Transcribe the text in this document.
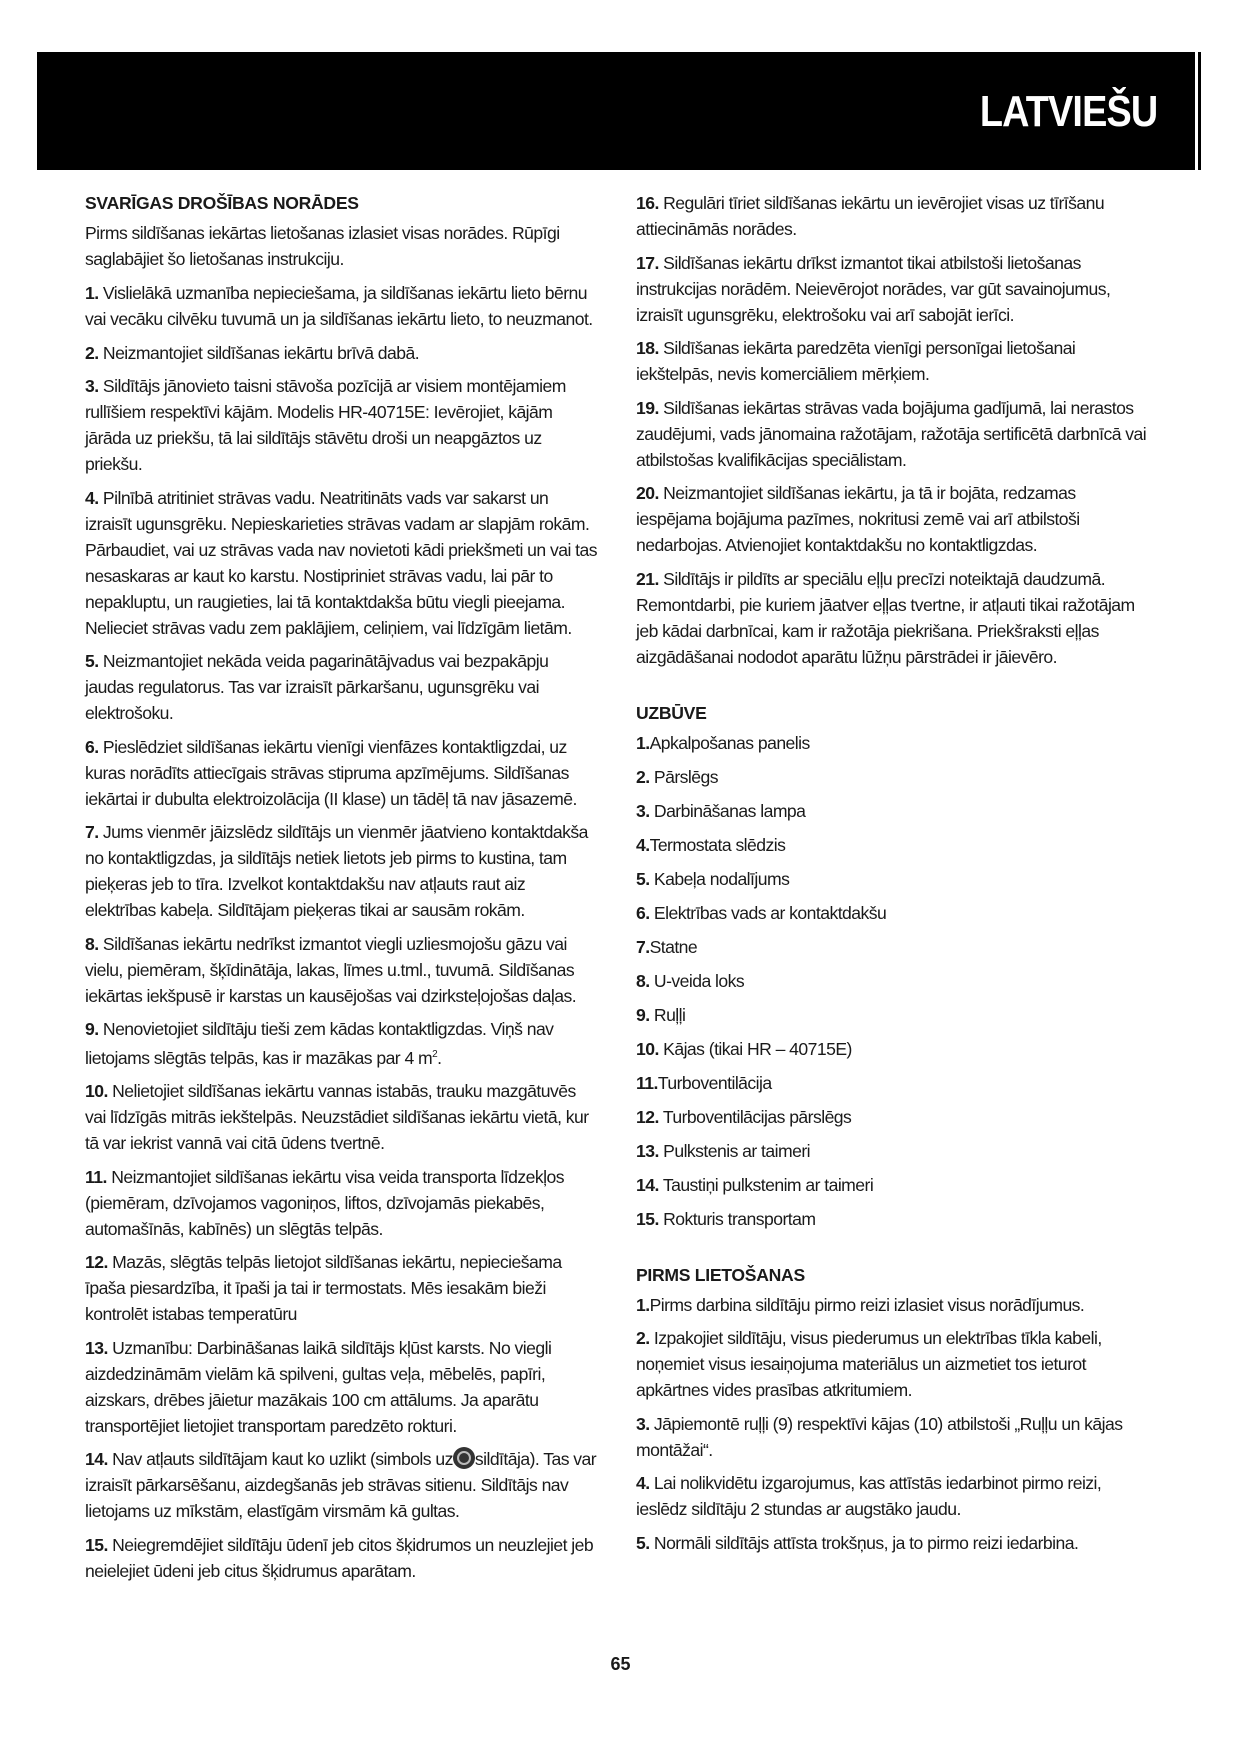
LATVIEŠU
SVARĪGAS DROŠĪBAS NORĀDES
Pirms sildīšanas iekārtas lietošanas izlasiet visas norādes. Rūpīgi saglabājiet šo lietošanas instrukciju.
1. Vislielākā uzmanība nepieciešama, ja sildīšanas iekārtu lieto bērnu vai vecāku cilvēku tuvumā un ja sildīšanas iekārtu lieto, to neuzmanot.
2. Neizmantojiet sildīšanas iekārtu brīvā dabā.
3. Sildītājs jānovieto taisni stāvoša pozīcijā ar visiem montējamiem rullīšiem respektīvi kājām. Modelis HR-40715E: Ievērojiet, kājām jārāda uz priekšu, tā lai sildītājs stāvētu droši un neapgāztos uz priekšu.
4. Pilnībā atritiniet strāvas vadu. Neatritināts vads var sakarst un izraisīt ugunsgrēku. Nepieskarieties strāvas vadam ar slapjām rokām. Pārbaudiet, vai uz strāvas vada nav novietoti kādi priekšmeti un vai tas nesaskaras ar kaut ko karstu. Nostipriniet strāvas vadu, lai pār to nepakluptu, un raugieties, lai tā kontaktdakša būtu viegli pieejama. Nelieciet strāvas vadu zem paklājiem, celiņiem, vai līdzīgām lietām.
5. Neizmantojiet nekāda veida pagarinātājvadus vai bezpakāpju jaudas regulatorus. Tas var izraisīt pārkaršanu, ugunsgrēku vai elektrošoku.
6. Pieslēdziet sildīšanas iekārtu vienīgi vienfāzes kontaktligzdai, uz kuras norādīts attiecīgais strāvas stipruma apzīmējums. Sildīšanas iekārtai ir dubulta elektroizolācija (II klase) un tādēļ tā nav jāsazemē.
7. Jums vienmēr jāizslēdz sildītājs un vienmēr jāatvieno kontaktdakša no kontaktligzdas, ja sildītājs netiek lietots jeb pirms to kustina, tam pieķeras jeb to tīra. Izvelkot kontaktdakšu nav atļauts raut aiz elektrības kabeļa. Sildītājam pieķeras tikai ar sausām rokām.
8. Sildīšanas iekārtu nedrīkst izmantot viegli uzliesmojošu gāzu vai vielu, piemēram, šķīdinātāja, lakas, līmes u.tml., tuvumā. Sildīšanas iekārtas iekšpusē ir karstas un kausējošas vai dzirksteļojošas daļas.
9. Nenovietojiet sildītāju tieši zem kādas kontaktligzdas. Viņš nav lietojams slēgtās telpās, kas ir mazākas par 4 $m^2$.
10. Nelietojiet sildīšanas iekārtu vannas istabās, trauku mazgātuvēs vai līdzīgās mitrās iekštelpās. Neuzstādiet sildīšanas iekārtu vietā, kur tā var iekrist vannā vai citā ūdens tvertnē.
11. Neizmantojiet sildīšanas iekārtu visa veida transporta līdzekļos (piemēram, dzīvojamos vagoniņos, liftos, dzīvojamās piekabēs, automašīnās, kabīnēs) un slēgtās telpās.
12. Mazās, slēgtās telpās lietojot sildīšanas iekārtu, nepieciešama īpaša piesardzība, it īpaši ja tai ir termostats. Mēs iesakām bieži kontrolēt istabas temperatūru
13. Uzmanību: Darbināšanas laikā sildītājs kļūst karsts. No viegli aizdedzināmām vielām kā spilveni, gultas veļa, mēbelēs, papīri, aizskars, drēbes jāietur mazākais 100 cm attālums. Ja aparātu transportējiet lietojiet transportam paredzēto rokturi.
14. Nav atļauts sildītājam kaut ko uzlikt (simbols uz sildītāja). Tas var izraisīt pārkarsēšanu, aizdegšanās jeb strāvas sitienu. Sildītājs nav lietojams uz mīkstām, elastīgām virsmām kā gultas.
15. Neiegremdējiet sildītāju ūdenī jeb citos šķidrumos un neuzlejiet jeb neielejiet ūdeni jeb citus šķidrumus aparātam.
16. Regulāri tīriet sildīšanas iekārtu un ievērojiet visas uz tīrīšanu attiecināmās norādes.
17. Sildīšanas iekārtu drīkst izmantot tikai atbilstoši lietošanas instrukcijas norādēm. Neievērojot norādes, var gūt savainojumus, izraisīt ugunsgrēku, elektrošoku vai arī sabojāt ierīci.
18. Sildīšanas iekārta paredzēta vienīgi personīgai lietošanai iekštelpās, nevis komerciāliem mērķiem.
19. Sildīšanas iekārtas strāvas vada bojājuma gadījumā, lai nerastos zaudējumi, vads jānomaina ražotājam, ražotāja sertificētā darbnīcā vai atbilstošas kvalifikācijas speciālistam.
20. Neizmantojiet sildīšanas iekārtu, ja tā ir bojāta, redzamas iespējama bojājuma pazīmes, nokritusi zemē vai arī atbilstoši nedarbojas. Atvienojiet kontaktdakšu no kontaktligzdas.
21. Sildītājs ir pildīts ar speciālu eļļu precīzi noteiktajā daudzumā. Remontdarbi, pie kuriem jāatver eļļas tvertne, ir atļauti tikai ražotājam jeb kādai darbnīcai, kam ir ražotāja piekrišana. Priekšraksti eļļas aizgādāšanai nododot aparātu lūžņu pārstrādei ir jāievēro.
UZBŪVE
1.Apkalpošanas panelis
2. Pārslēgs
3. Darbināšanas lampa
4.Termostata slēdzis
5. Kabeļa nodalījums
6. Elektrības vads ar kontaktdakšu
7.Statne
8. U-veida loks
9. Ruļļi
10. Kājas (tikai HR – 40715E)
11.Turboventilācija
12. Turboventilācijas pārslēgs
13. Pulkstenis ar taimeri
14. Taustiņi pulkstenim ar taimeri
15. Rokturis transportam
PIRMS LIETOŠANAS
1.Pirms darbina sildītāju pirmo reizi izlasiet visus norādījumus.
2. Izpakojiet sildītāju, visus piederumus un elektrības tīkla kabeli, noņemiet visus iesaiņojuma materiālus un aizmetiet tos ieturot apkārtnes vides prasības atkritumiem.
3. Jāpiemontē ruļļi (9) respektīvi kājas (10) atbilstoši „Ruļļu un kājas montāžai“.
4. Lai nolikvidētu izgarojumus, kas attīstās iedarbinot pirmo reizi, ieslēdz sildītāju 2 stundas ar augstāko jaudu.
5. Normāli sildītājs attīsta trokšņus, ja to pirmo reizi iedarbina.
65
